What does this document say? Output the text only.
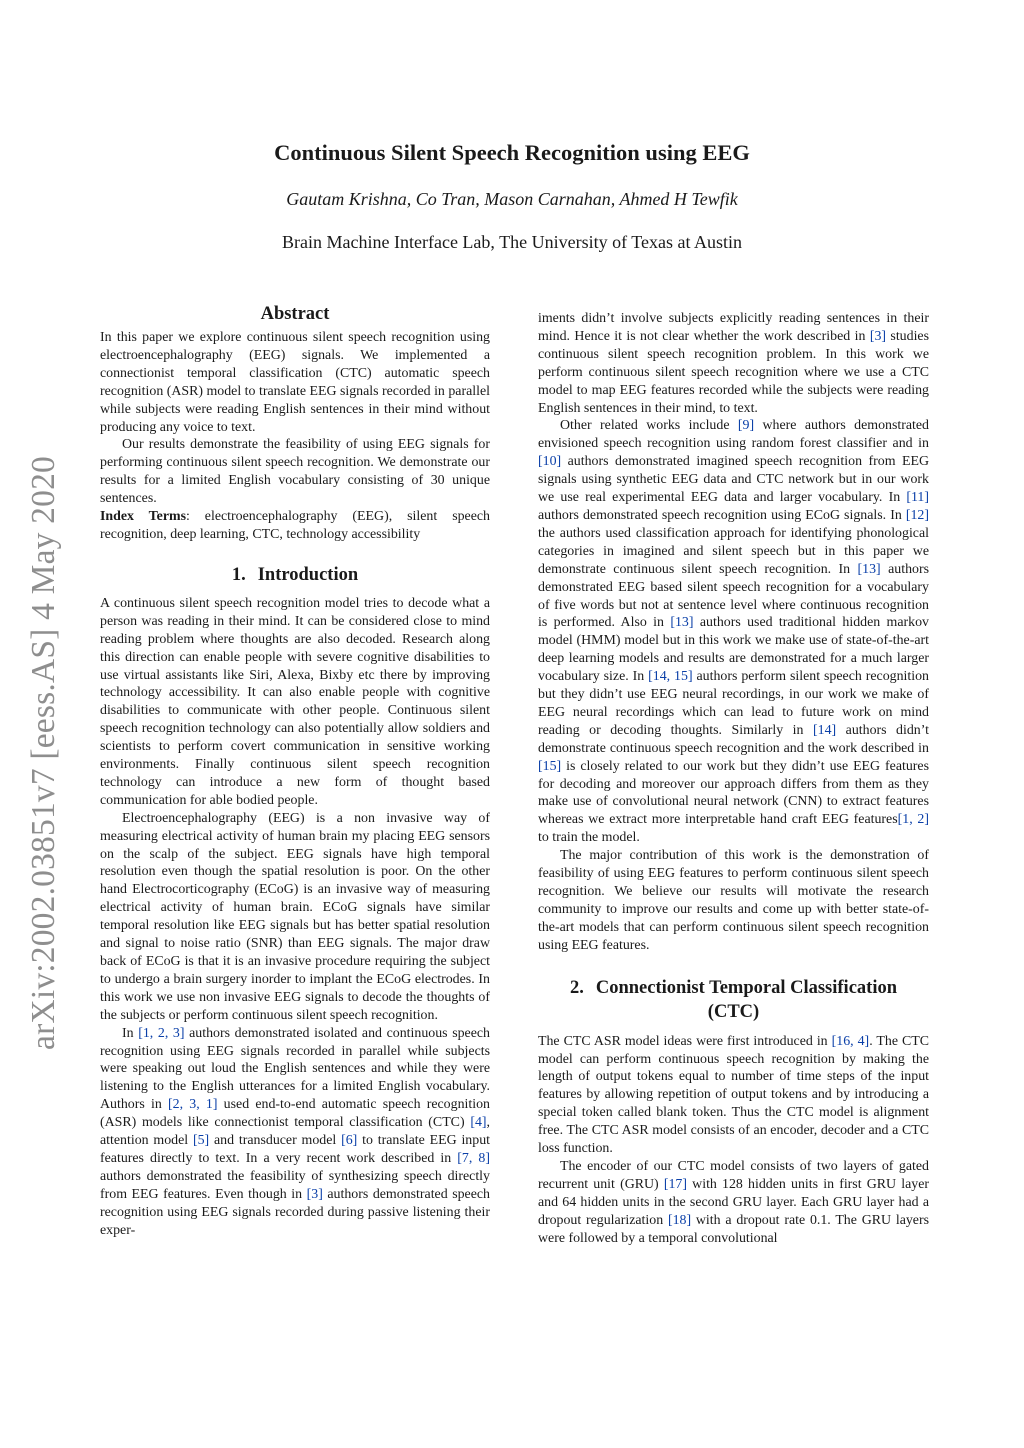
arXiv:2002.03851v7 [eess.AS] 4 May 2020
Continuous Silent Speech Recognition using EEG
Gautam Krishna, Co Tran, Mason Carnahan, Ahmed H Tewfik
Brain Machine Interface Lab, The University of Texas at Austin
Abstract

In this paper we explore continuous silent speech recognition using electroencephalography (EEG) signals. We implemented a connectionist temporal classification (CTC) automatic speech recognition (ASR) model to translate EEG signals recorded in parallel while subjects were reading English sentences in their mind without producing any voice to text.

Our results demonstrate the feasibility of using EEG signals for performing continuous silent speech recognition. We demonstrate our results for a limited English vocabulary consisting of 30 unique sentences.

Index Terms: electroencephalography (EEG), silent speech recognition, deep learning, CTC, technology accessibility

1. Introduction

A continuous silent speech recognition model tries to decode what a person was reading in their mind. It can be considered close to mind reading problem where thoughts are also decoded. Research along this direction can enable people with severe cognitive disabilities to use virtual assistants like Siri, Alexa, Bixby etc there by improving technology accessibility. It can also enable people with cognitive disabilities to communicate with other people. Continuous silent speech recognition technology can also potentially allow soldiers and scientists to perform covert communication in sensitive working environments. Finally continuous silent speech recognition technology can introduce a new form of thought based communication for able bodied people.

Electroencephalography (EEG) is a non invasive way of measuring electrical activity of human brain my placing EEG sensors on the scalp of the subject. EEG signals have high temporal resolution even though the spatial resolution is poor. On the other hand Electrocorticography (ECoG) is an invasive way of measuring electrical activity of human brain. ECoG signals have similar temporal resolution like EEG signals but has better spatial resolution and signal to noise ratio (SNR) than EEG signals. The major draw back of ECoG is that it is an invasive procedure requiring the subject to undergo a brain surgery inorder to implant the ECoG electrodes. In this work we use non invasive EEG signals to decode the thoughts of the subjects or perform continuous silent speech recognition.

In [1, 2, 3] authors demonstrated isolated and continuous speech recognition using EEG signals recorded in parallel while subjects were speaking out loud the English sentences and while they were listening to the English utterances for a limited English vocabulary. Authors in [2, 3, 1] used end-to-end automatic speech recognition (ASR) models like connectionist temporal classification (CTC) [4], attention model [5] and transducer model [6] to translate EEG input features directly to text. In a very recent work described in [7, 8] authors demonstrated the feasibility of synthesizing speech directly from EEG features. Even though in [3] authors demonstrated speech recognition using EEG signals recorded during passive listening their exper-

iments didn’t involve subjects explicitly reading sentences in their mind. Hence it is not clear whether the work described in [3] studies continuous silent speech recognition problem. In this work we perform continuous silent speech recognition where we use a CTC model to map EEG features recorded while the subjects were reading English sentences in their mind, to text.

Other related works include [9] where authors demonstrated envisioned speech recognition using random forest classifier and in [10] authors demonstrated imagined speech recognition from EEG signals using synthetic EEG data and CTC network but in our work we use real experimental EEG data and larger vocabulary. In [11] authors demonstrated speech recognition using ECoG signals. In [12] the authors used classification approach for identifying phonological categories in imagined and silent speech but in this paper we demonstrate continuous silent speech recognition. In [13] authors demonstrated EEG based silent speech recognition for a vocabulary of five words but not at sentence level where continuous recognition is performed. Also in [13] authors used traditional hidden markov model (HMM) model but in this work we make use of state-of-the-art deep learning models and results are demonstrated for a much larger vocabulary size. In [14, 15] authors perform silent speech recognition but they didn’t use EEG neural recordings, in our work we make of EEG neural recordings which can lead to future work on mind reading or decoding thoughts. Similarly in [14] authors didn’t demonstrate continuous speech recognition and the work described in [15] is closely related to our work but they didn’t use EEG features for decoding and moreover our approach differs from them as they make use of convolutional neural network (CNN) to extract features whereas we extract more interpretable hand craft EEG features[1, 2] to train the model.

The major contribution of this work is the demonstration of feasibility of using EEG features to perform continuous silent speech recognition. We believe our results will motivate the research community to improve our results and come up with better state-of-the-art models that can perform continuous silent speech recognition using EEG features.

2. Connectionist Temporal Classification
(CTC)

The CTC ASR model ideas were first introduced in [16, 4]. The CTC model can perform continuous speech recognition by making the length of output tokens equal to number of time steps of the input features by allowing repetition of output tokens and by introducing a special token called blank token. Thus the CTC model is alignment free. The CTC ASR model consists of an encoder, decoder and a CTC loss function.

The encoder of our CTC model consists of two layers of gated recurrent unit (GRU) [17] with 128 hidden units in first GRU layer and 64 hidden units in the second GRU layer. Each GRU layer had a dropout regularization [18] with a dropout rate 0.1. The GRU layers were followed by a temporal convolutional
